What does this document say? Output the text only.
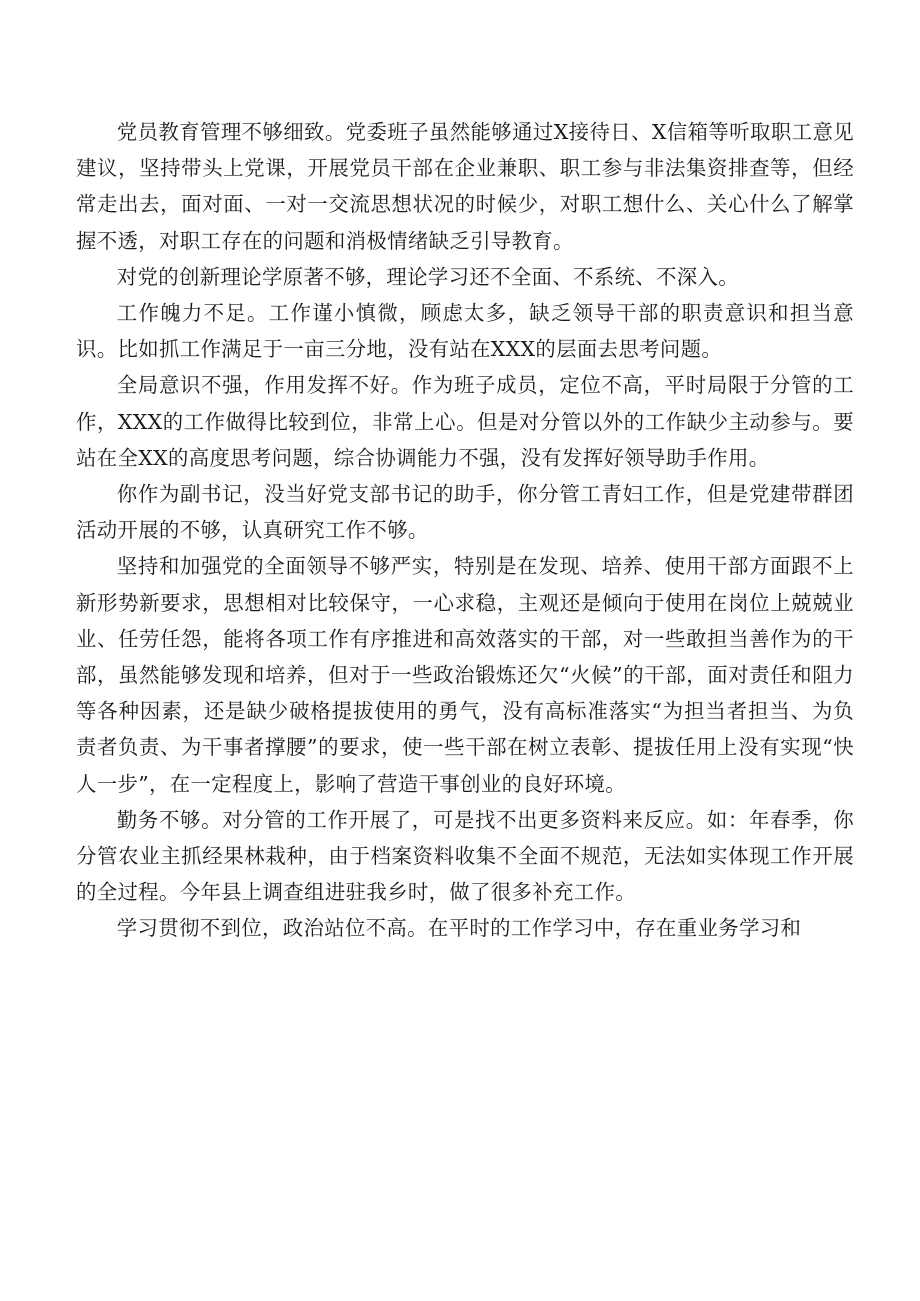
党员教育管理不够细致。党委班子虽然能够通过X接待日、X信箱等听取职工意见建议，坚持带头上党课，开展党员干部在企业兼职、职工参与非法集资排查等，但经常走出去，面对面、一对一交流思想状况的时候少，对职工想什么、关心什么了解掌握不透，对职工存在的问题和消极情绪缺乏引导教育。

对党的创新理论学原著不够，理论学习还不全面、不系统、不深入。

工作魄力不足。工作谨小慎微，顾虑太多，缺乏领导干部的职责意识和担当意识。比如抓工作满足于一亩三分地，没有站在XXX的层面去思考问题。

全局意识不强，作用发挥不好。作为班子成员，定位不高，平时局限于分管的工作，XXX的工作做得比较到位，非常上心。但是对分管以外的工作缺少主动参与。要站在全XX的高度思考问题，综合协调能力不强，没有发挥好领导助手作用。

你作为副书记，没当好党支部书记的助手，你分管工青妇工作，但是党建带群团活动开展的不够，认真研究工作不够。

坚持和加强党的全面领导不够严实，特别是在发现、培养、使用干部方面跟不上新形势新要求，思想相对比较保守，一心求稳，主观还是倾向于使用在岗位上兢兢业业、任劳任怨，能将各项工作有序推进和高效落实的干部，对一些敢担当善作为的干部，虽然能够发现和培养，但对于一些政治锻炼还欠“火候”的干部，面对责任和阻力等各种因素，还是缺少破格提拔使用的勇气，没有高标准落实“为担当者担当、为负责者负责、为干事者撑腰”的要求，使一些干部在树立表彰、提拔任用上没有实现“快人一步”，在一定程度上，影响了营造干事创业的良好环境。

勤务不够。对分管的工作开展了，可是找不出更多资料来反应。如：年春季，你分管农业主抓经果林栽种，由于档案资料收集不全面不规范，无法如实体现工作开展的全过程。今年县上调查组进驻我乡时，做了很多补充工作。

学习贯彻不到位，政治站位不高。在平时的工作学习中，存在重业务学习和
